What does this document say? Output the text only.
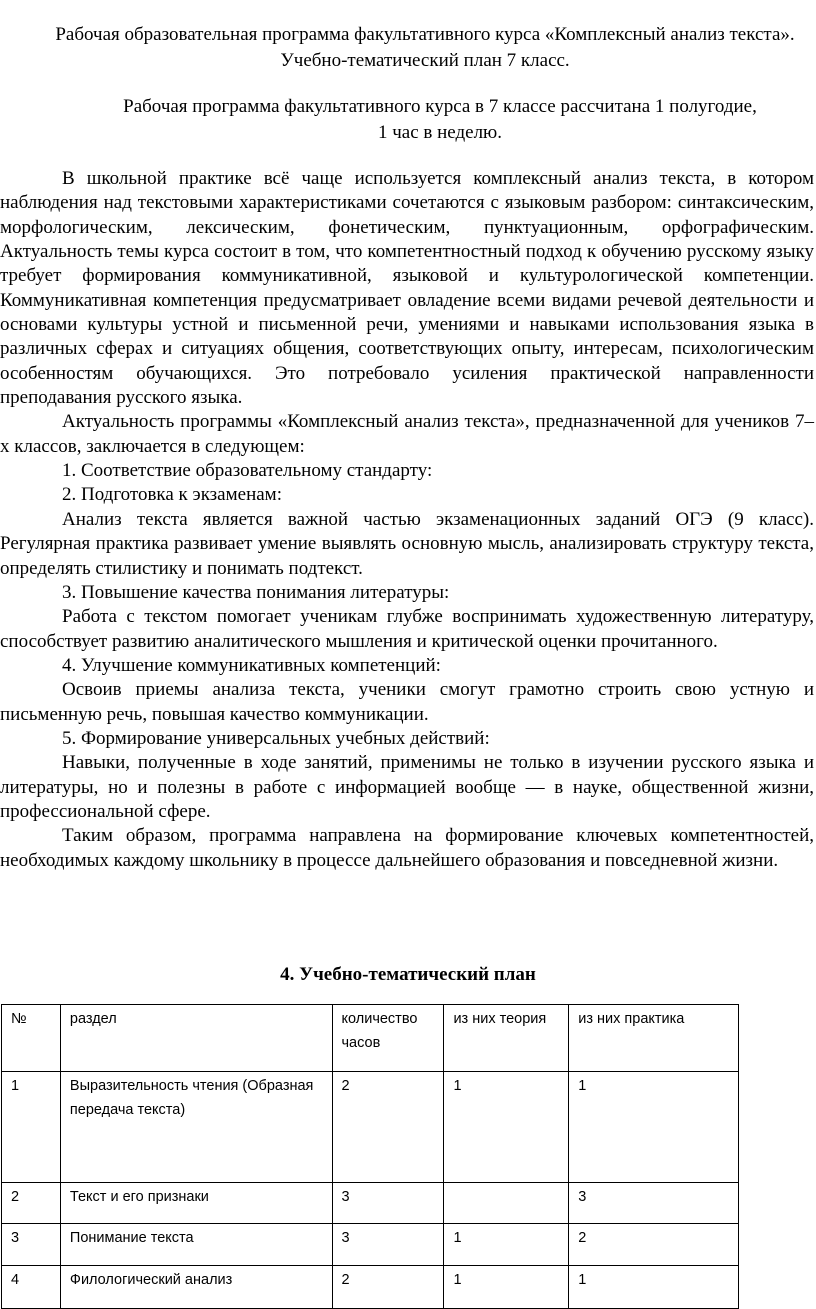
Рабочая образовательная программа факультативного курса «Комплексный анализ текста». Учебно-тематический план 7 класс.
Рабочая программа факультативного курса в 7 классе рассчитана 1 полугодие,
1 час в неделю.

В школьной практике всё чаще используется комплексный анализ текста, в котором наблюдения над текстовыми характеристиками сочетаются с языковым разбором: синтаксическим, морфологическим, лексическим, фонетическим, пунктуационным, орфографическим. Актуальность темы курса состоит в том, что компетентностный подход к обучению русскому языку требует формирования коммуникативной, языковой и культурологической компетенции. Коммуникативная компетенция предусматривает овладение всеми видами речевой деятельности и основами культуры устной и письменной речи, умениями и навыками использования языка в различных сферах и ситуациях общения, соответствующих опыту, интересам, психологическим особенностям обучающихся. Это потребовало усиления практической направленности преподавания русского языка.

Актуальность программы «Комплексный анализ текста», предназначенной для учеников 7–х классов, заключается в следующем:

1. Соответствие образовательному стандарту:

2. Подготовка к экзаменам:

Анализ текста является важной частью экзаменационных заданий ОГЭ (9 класс). Регулярная практика развивает умение выявлять основную мысль, анализировать структуру текста, определять стилистику и понимать подтекст.

3. Повышение качества понимания литературы:

Работа с текстом помогает ученикам глубже воспринимать художественную литературу, способствует развитию аналитического мышления и критической оценки прочитанного.

4. Улучшение коммуникативных компетенций:

Освоив приемы анализа текста, ученики смогут грамотно строить свою устную и письменную речь, повышая качество коммуникации.

5. Формирование универсальных учебных действий:

Навыки, полученные в ходе занятий, применимы не только в изучении русского языка и литературы, но и полезны в работе с информацией вообще — в науке, общественной жизни, профессиональной сфере.

Таким образом, программа направлена на формирование ключевых компетентностей, необходимых каждому школьнику в процессе дальнейшего образования и повседневной жизни.

4. Учебно-тематический план
№	раздел	количество часов	из них теория	из них практика
1	Выразительность чтения (Образная передача текста)	2	1	1
2	Текст и его признаки	3		3
3	Понимание текста	3	1	2
4	Филологический анализ	2	1	1
